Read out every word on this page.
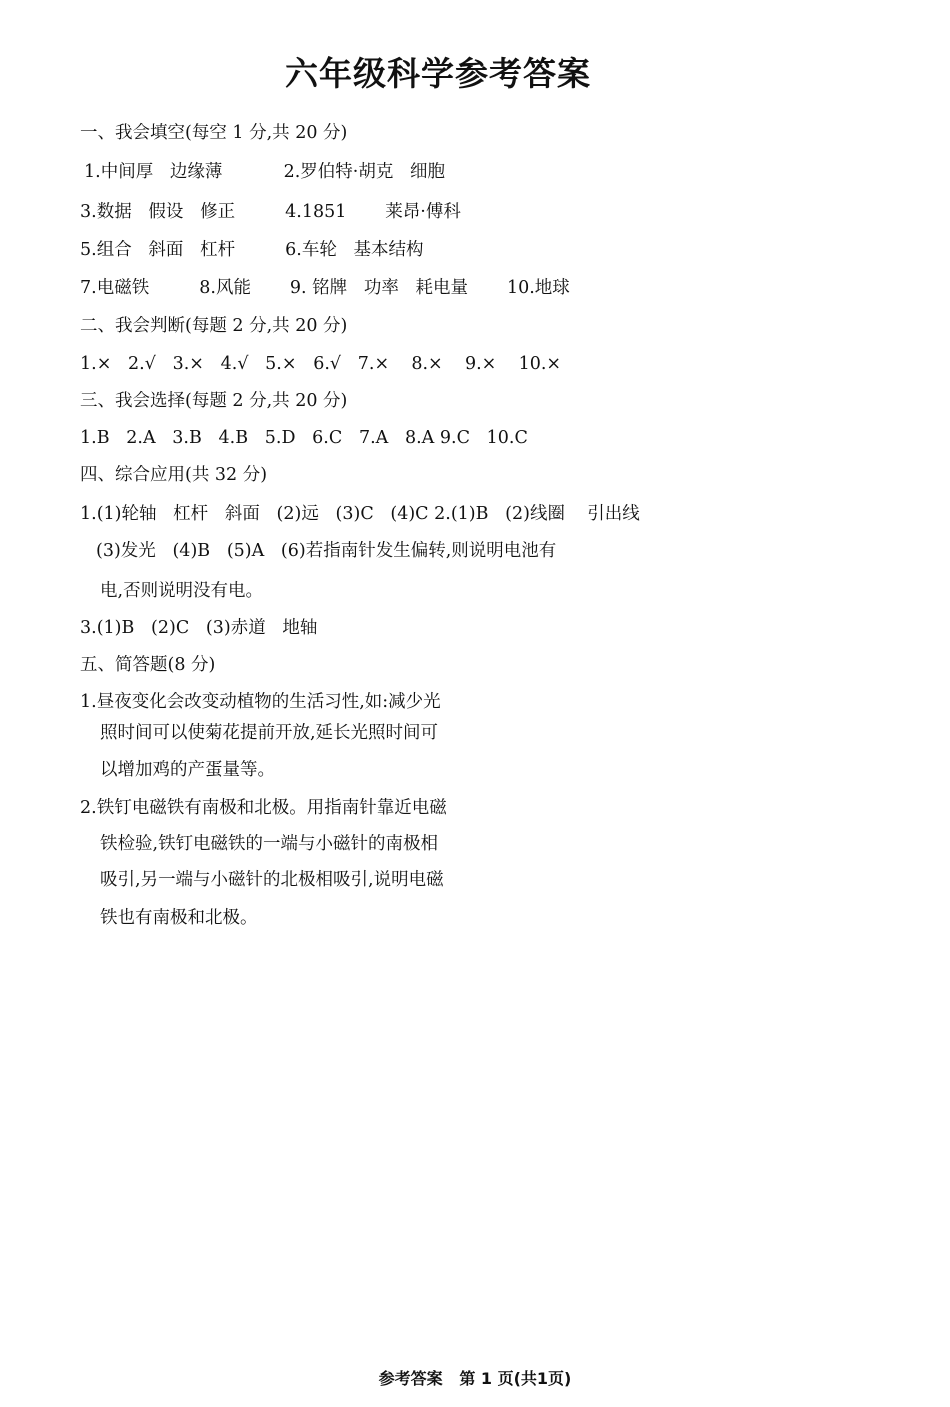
六年级科学参考答案
一、我会填空(每空 1 分,共 20 分)
1.中间厚   边缘薄           2.罗伯特·胡克   细胞
3.数据   假设   修正         4.1851       莱昂·傅科
5.组合   斜面   杠杆         6.车轮   基本结构
7.电磁铁         8.风能       9. 铭牌   功率   耗电量       10.地球
二、我会判断(每题 2 分,共 20 分)
1.×   2.√   3.×   4.√   5.×   6.√   7.×    8.×    9.×    10.×
三、我会选择(每题 2 分,共 20 分)
1.B   2.A   3.B   4.B   5.D   6.C   7.A   8.A 9.C   10.C
四、综合应用(共 32 分)
1.(1)轮轴   杠杆   斜面   (2)远   (3)C   (4)C 2.(1)B   (2)线圈    引出线
(3)发光   (4)B   (5)A   (6)若指南针发生偏转,则说明电池有
电,否则说明没有电。
3.(1)B   (2)C   (3)赤道   地轴
五、简答题(8 分)
1.昼夜变化会改变动植物的生活习性,如:减少光
照时间可以使菊花提前开放,延长光照时间可
以增加鸡的产蛋量等。
2.铁钉电磁铁有南极和北极。用指南针靠近电磁
铁检验,铁钉电磁铁的一端与小磁针的南极相
吸引,另一端与小磁针的北极相吸引,说明电磁
铁也有南极和北极。
参考答案   第 1 页(共1页)
